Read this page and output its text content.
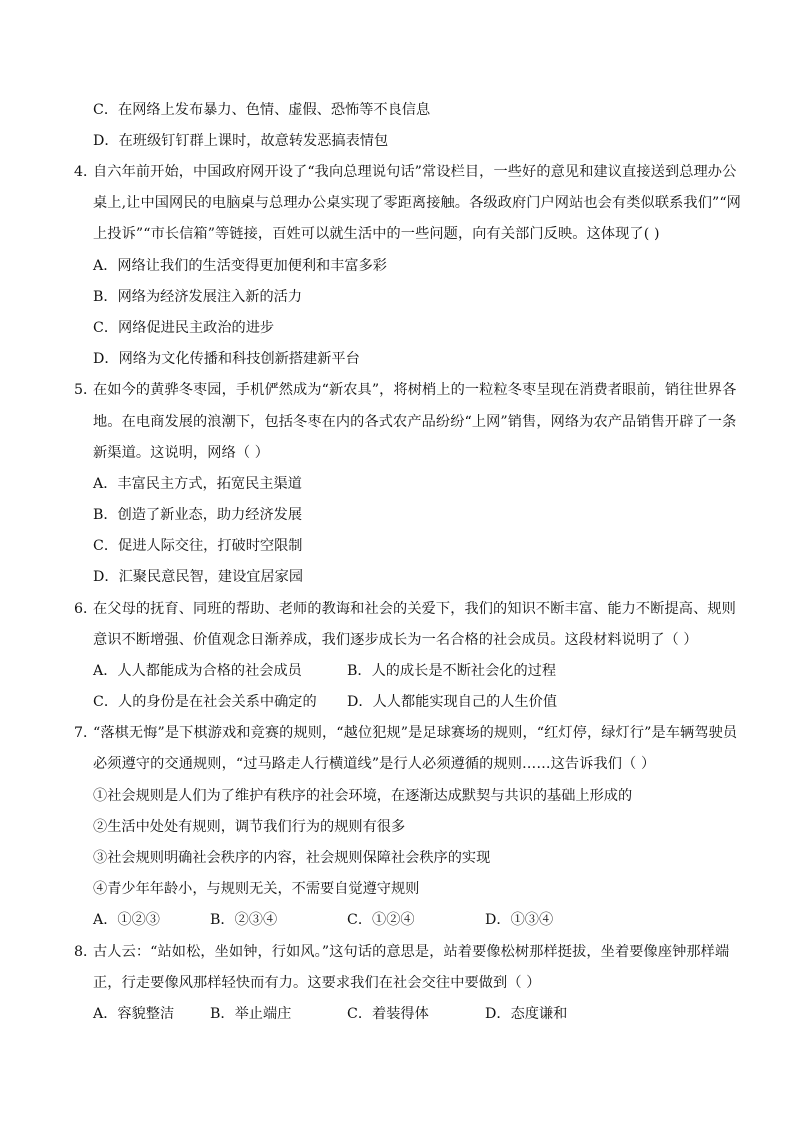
C．在网络上发布暴力、色情、虚假、恐怖等不良信息
D．在班级钉钉群上课时，故意转发恶搞表情包
4．
自六年前开始，中国政府网开设了“我向总理说句话”常设栏目，一些好的意见和建议直接送到总理办公
桌上,让中国网民的电脑桌与总理办公桌实现了零距离接触。各级政府门户网站也会有类似联系我们”“网
上投诉”“市长信箱”等链接，百姓可以就生活中的一些问题，向有关部门反映。这体现了( )
A．网络让我们的生活变得更加便利和丰富多彩
B．网络为经济发展注入新的活力
C．网络促进民主政治的进步
D．网络为文化传播和科技创新搭建新平台
5．
在如今的黄骅冬枣园，手机俨然成为“新农具”，将树梢上的一粒粒冬枣呈现在消费者眼前，销往世界各
地。在电商发展的浪潮下，包括冬枣在内的各式农产品纷纷“上网”销售，网络为农产品销售开辟了一条
新渠道。这说明，网络（ ）
A．丰富民主方式，拓宽民主渠道
B．创造了新业态，助力经济发展
C．促进人际交往，打破时空限制
D．汇聚民意民智，建设宜居家园
6．
在父母的抚育、同班的帮助、老师的教诲和社会的关爱下，我们的知识不断丰富、能力不断提高、规则
意识不断增强、价值观念日渐养成，我们逐步成长为一名合格的社会成员。这段材料说明了（ ）
A．人人都能成为合格的社会成员	B．人的成长是不断社会化的过程
C．人的身份是在社会关系中确定的 D．人人都能实现自己的人生价值
7．
“落棋无悔”是下棋游戏和竞赛的规则，“越位犯规”是足球赛场的规则，“红灯停，绿灯行”是车辆驾驶员
必须遵守的交通规则，“过马路走人行横道线”是行人必须遵循的规则……这告诉我们（ ）
①社会规则是人们为了维护有秩序的社会环境，在逐渐达成默契与共识的基础上形成的
②生活中处处有规则，调节我们行为的规则有很多
③社会规则明确社会秩序的内容，社会规则保障社会秩序的实现
④青少年年龄小，与规则无关，不需要自觉遵守规则
A．①②③	B．②③④	C．①②④	D．①③④
8．
古人云：“站如松，坐如钟，行如风。”这句话的意思是，站着要像松树那样挺拔，坐着要像座钟那样端
正，行走要像风那样轻快而有力。这要求我们在社会交往中要做到（ ）
A．容貌整洁	B．举止端庄	C．着装得体	D．态度谦和
